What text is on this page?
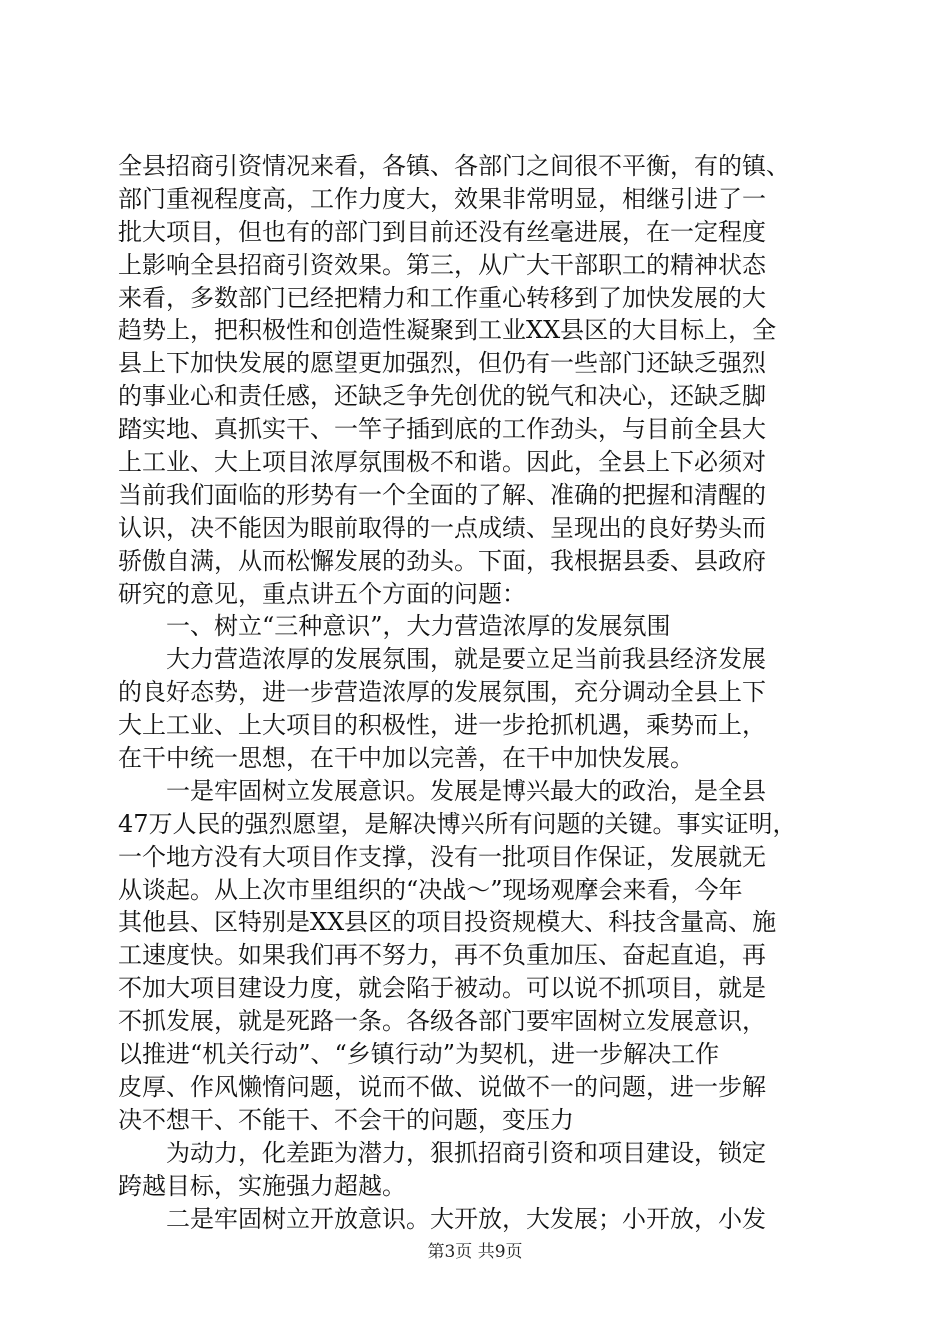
全县招商引资情况来看，各镇、各部门之间很不平衡，有的镇、
部门重视程度高，工作力度大，效果非常明显，相继引进了一
批大项目，但也有的部门到目前还没有丝毫进展，在一定程度
上影响全县招商引资效果。第三，从广大干部职工的精神状态
来看，多数部门已经把精力和工作重心转移到了加快发展的大
趋势上，把积极性和创造性凝聚到工业XX县区的大目标上，全
县上下加快发展的愿望更加强烈，但仍有一些部门还缺乏强烈
的事业心和责任感，还缺乏争先创优的锐气和决心，还缺乏脚
踏实地、真抓实干、一竿子插到底的工作劲头，与目前全县大
上工业、大上项目浓厚氛围极不和谐。因此，全县上下必须对
当前我们面临的形势有一个全面的了解、准确的把握和清醒的
认识，决不能因为眼前取得的一点成绩、呈现出的良好势头而
骄傲自满，从而松懈发展的劲头。下面，我根据县委、县政府
研究的意见，重点讲五个方面的问题：
　　一、树立“三种意识”，大力营造浓厚的发展氛围
　　大力营造浓厚的发展氛围，就是要立足当前我县经济发展
的良好态势，进一步营造浓厚的发展氛围，充分调动全县上下
大上工业、上大项目的积极性，进一步抢抓机遇，乘势而上，
在干中统一思想，在干中加以完善，在干中加快发展。
　　一是牢固树立发展意识。发展是博兴最大的政治，是全县
47万人民的强烈愿望，是解决博兴所有问题的关键。事实证明，
一个地方没有大项目作支撑，没有一批项目作保证，发展就无
从谈起。从上次市里组织的“决战～”现场观摩会来看，今年
其他县、区特别是XX县区的项目投资规模大、科技含量高、施
工速度快。如果我们再不努力，再不负重加压、奋起直追，再
不加大项目建设力度，就会陷于被动。可以说不抓项目，就是
不抓发展，就是死路一条。各级各部门要牢固树立发展意识，
以推进“机关行动”、“乡镇行动”为契机，进一步解决工作
皮厚、作风懒惰问题，说而不做、说做不一的问题，进一步解
决不想干、不能干、不会干的问题，变压力
　　为动力，化差距为潜力，狠抓招商引资和项目建设，锁定
跨越目标，实施强力超越。
　　二是牢固树立开放意识。大开放，大发展；小开放，小发
第3页 共9页
